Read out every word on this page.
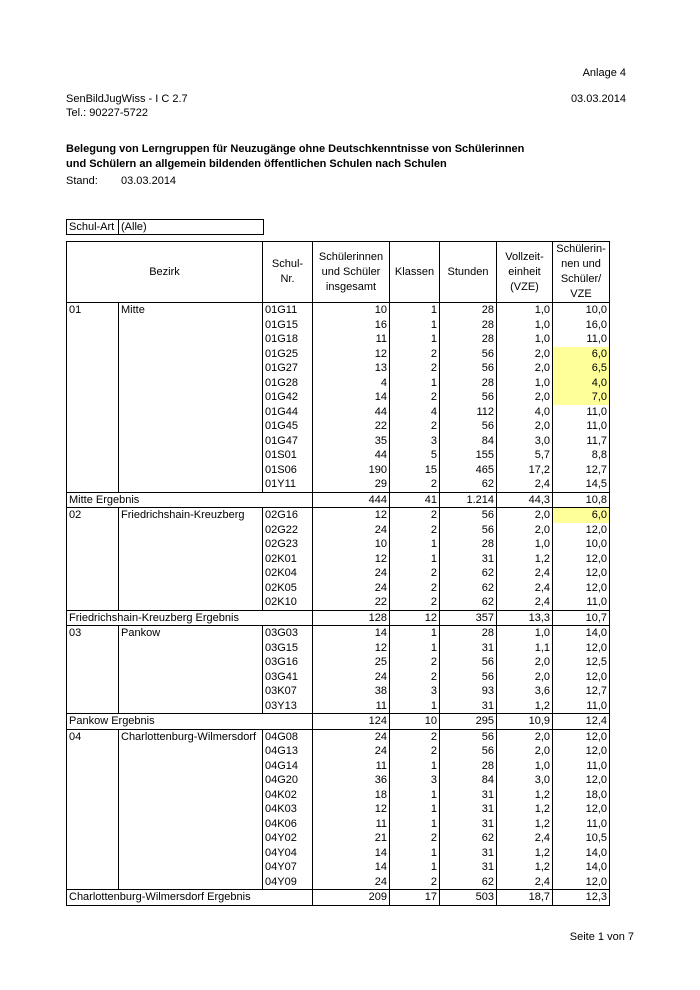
Anlage 4
SenBildJugWiss - I C 2.7	03.03.2014
Tel.: 90227-5722
Belegung von Lerngruppen für Neuzugänge ohne Deutschkenntnisse von Schülerinnen
und Schülern an allgemein bildenden öffentlichen Schulen nach Schulen
Stand: 03.03.2014
Schul-Art (Alle)
Bezirk		Schul-Nr.	Schülerinnen und Schüler insgesamt	Klassen	Stunden	Vollzeit-einheit (VZE)	Schülerin-nen und Schüler/ VZE
01	Mitte	01G11	10	1	28	1,0	10,0
		01G15	16	1	28	1,0	16,0
		01G18	11	1	28	1,0	11,0
		01G25	12	2	56	2,0	6,0
		01G27	13	2	56	2,0	6,5
		01G28	4	1	28	1,0	4,0
		01G42	14	2	56	2,0	7,0
		01G44	44	4	112	4,0	11,0
		01G45	22	2	56	2,0	11,0
		01G47	35	3	84	3,0	11,7
		01S01	44	5	155	5,7	8,8
		01S06	190	15	465	17,2	12,7
		01Y11	29	2	62	2,4	14,5
Mitte Ergebnis			444	41	1.214	44,3	10,8
02	Friedrichshain-Kreuzberg	02G16	12	2	56	2,0	6,0
		02G22	24	2	56	2,0	12,0
		02G23	10	1	28	1,0	10,0
		02K01	12	1	31	1,2	12,0
		02K04	24	2	62	2,4	12,0
		02K05	24	2	62	2,4	12,0
		02K10	22	2	62	2,4	11,0
Friedrichshain-Kreuzberg Ergebnis			128	12	357	13,3	10,7
03	Pankow	03G03	14	1	28	1,0	14,0
		03G15	12	1	31	1,1	12,0
		03G16	25	2	56	2,0	12,5
		03G41	24	2	56	2,0	12,0
		03K07	38	3	93	3,6	12,7
		03Y13	11	1	31	1,2	11,0
Pankow Ergebnis			124	10	295	10,9	12,4
04	Charlottenburg-Wilmersdorf	04G08	24	2	56	2,0	12,0
		04G13	24	2	56	2,0	12,0
		04G14	11	1	28	1,0	11,0
		04G20	36	3	84	3,0	12,0
		04K02	18	1	31	1,2	18,0
		04K03	12	1	31	1,2	12,0
		04K06	11	1	31	1,2	11,0
		04Y02	21	2	62	2,4	10,5
		04Y04	14	1	31	1,2	14,0
		04Y07	14	1	31	1,2	14,0
		04Y09	24	2	62	2,4	12,0
Charlottenburg-Wilmersdorf Ergebnis			209	17	503	18,7	12,3
Seite 1 von 7
